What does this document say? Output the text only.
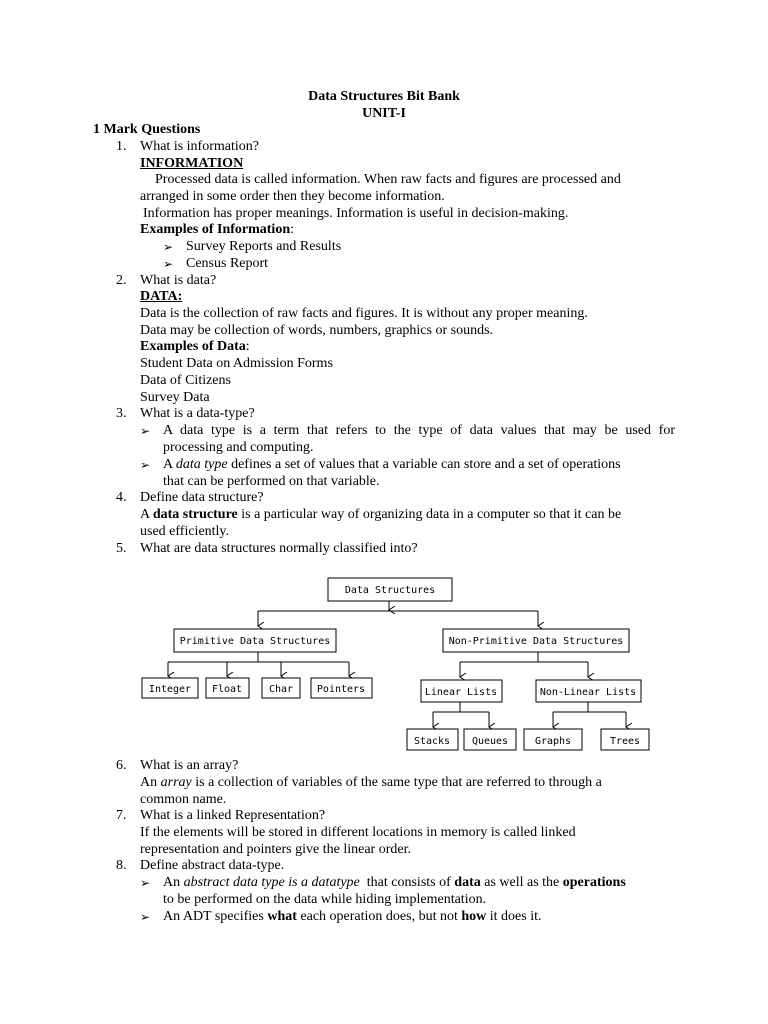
Data Structures Bit Bank
UNIT-I
1 Mark Questions
1. What is information?
INFORMATION
Processed data is called information. When raw facts and figures are processed and
arranged in some order then they become information.
Information has proper meanings. Information is useful in decision-making.
Examples of Information:
➢ Survey Reports and Results
➢ Census Report
2. What is data?
DATA:
Data is the collection of raw facts and figures. It is without any proper meaning.
Data may be collection of words, numbers, graphics or sounds.
Examples of Data:
Student Data on Admission Forms
Data of Citizens
Survey Data
3. What is a data-type?
➢ A data type is a term that refers to the type of data values that may be used for
processing and computing.
➢ A data type defines a set of values that a variable can store and a set of operations
that can be performed on that variable.
4. Define data structure?
A data structure is a particular way of organizing data in a computer so that it can be
used efficiently.
5. What are data structures normally classified into?
Data Structures
Primitive Data Structures	Non-Primitive Data Structures
Integer Float	Char Pointers	Linear Lists	Non-Linear Lists
Stacks Queues	Graphs	Trees
6. What is an array?
An array is a collection of variables of the same type that are referred to through a
common name.
7. What is a linked Representation?
If the elements will be stored in different locations in memory is called linked
representation and pointers give the linear order.
8. Define abstract data-type.
➢ An abstract data type is a datatype  that consists of data as well as the operations
to be performed on the data while hiding implementation.
➢ An ADT specifies what each operation does, but not how it does it.
